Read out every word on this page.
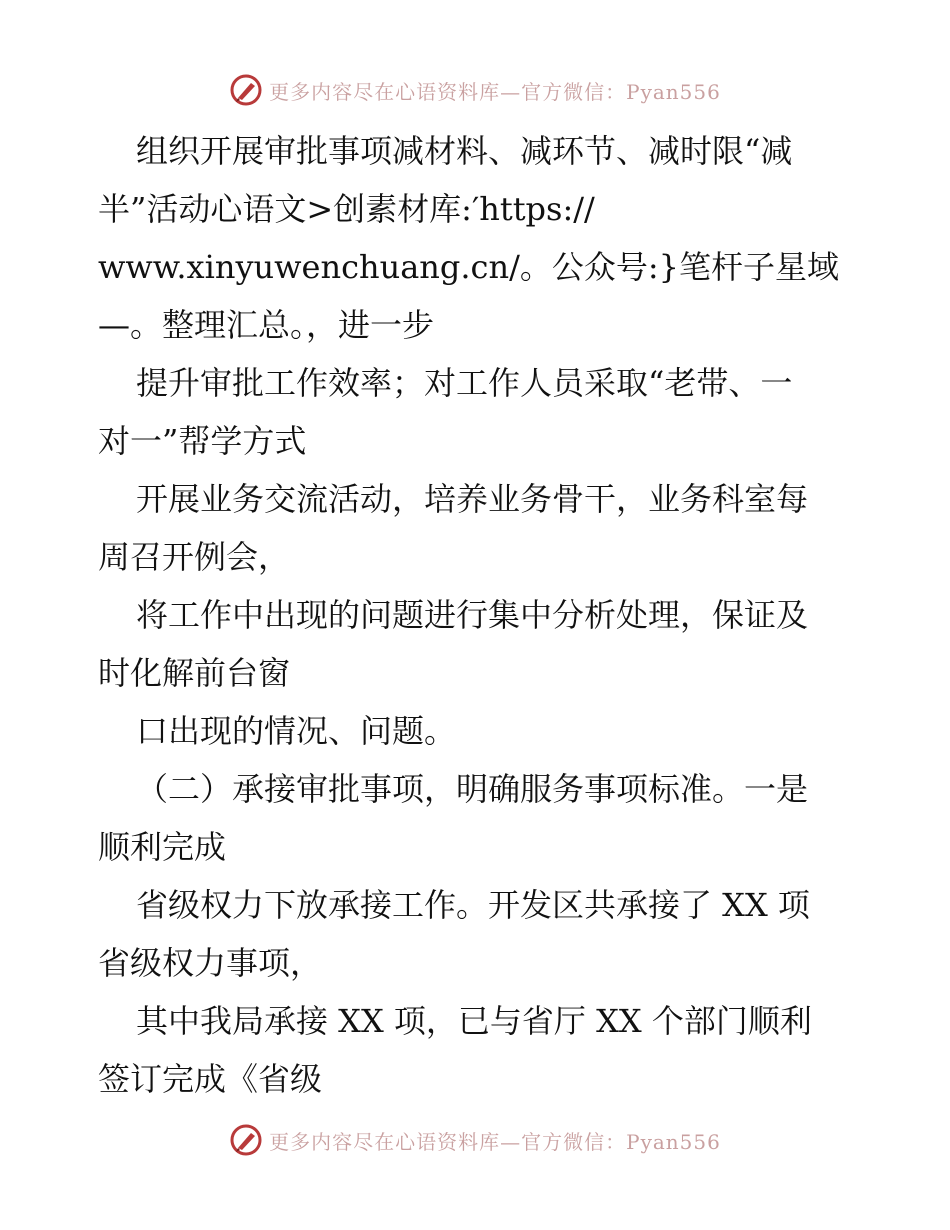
更多内容尽在心语资料库—官方微信：Pyan556
组织开展审批事项减材料、减环节、减时限“减
半”活动心语文>创素材库:′https://
www.xinyuwenchuang.cn/。公众号:}笔杆子星域
—。整理汇总。，进一步
提升审批工作效率；对工作人员采取“老带、一
对一”帮学方式
开展业务交流活动，培养业务骨干，业务科室每
周召开例会，
将工作中出现的问题进行集中分析处理，保证及
时化解前台窗
口出现的情况、问题。
（二）承接审批事项，明确服务事项标准。一是
顺利完成
省级权力下放承接工作。开发区共承接了 XX 项
省级权力事项，
其中我局承接 XX 项，已与省厅 XX 个部门顺利
签订完成《省级
更多内容尽在心语资料库—官方微信：Pyan556
